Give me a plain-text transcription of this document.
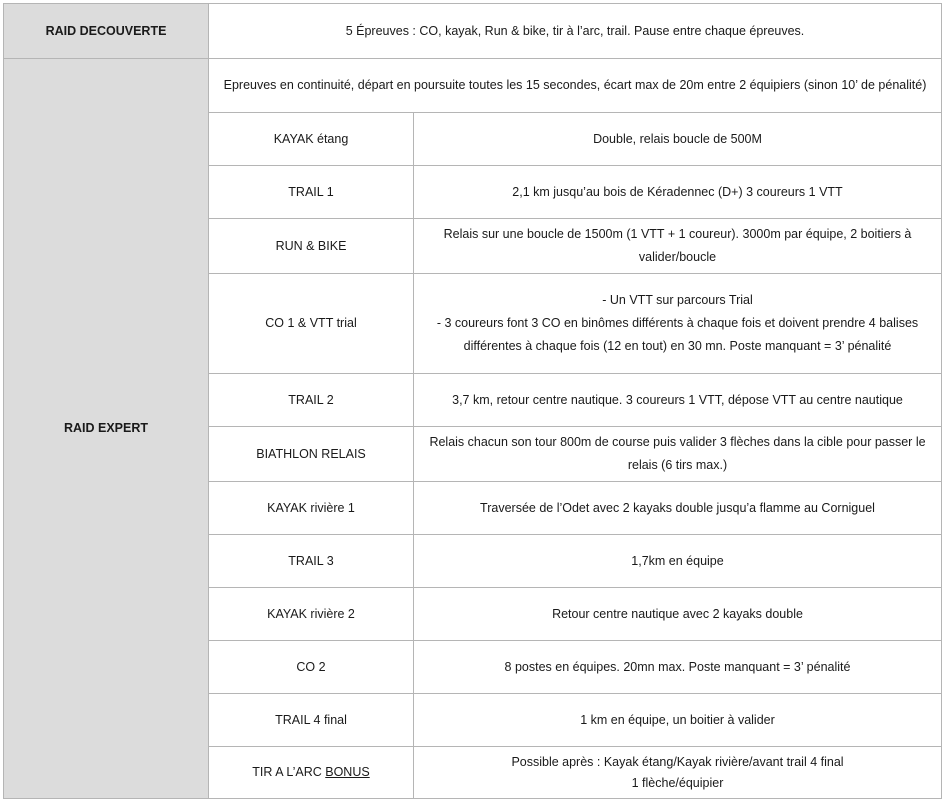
RAID DECOUVERTE	5 Épreuves : CO, kayak, Run & bike, tir à l’arc, trail. Pause entre chaque épreuves.	
RAID EXPERT	Epreuves en continuité, départ en poursuite toutes les 15 secondes, écart max de 20m entre 2 équipiers (sinon 10’ de pénalité)	
	KAYAK étang	Double, relais boucle de 500M
	TRAIL 1	2,1 km jusqu’au bois de Kéradennec (D+) 3 coureurs 1 VTT
	RUN & BIKE	Relais sur une boucle de 1500m (1 VTT + 1 coureur). 3000m par équipe, 2 boitiers à valider/boucle
	CO 1 & VTT trial	- Un VTT sur parcours Trial
- 3 coureurs font 3 CO en binômes différents à chaque fois et doivent prendre 4 balises différentes à chaque fois (12 en tout) en 30 mn. Poste manquant = 3’ pénalité

	TRAIL 2	3,7 km, retour centre nautique. 3 coureurs 1 VTT, dépose VTT au centre nautique
	BIATHLON RELAIS	Relais chacun son tour 800m de course puis valider 3 flèches dans la cible pour passer le relais (6 tirs max.)
	KAYAK rivière 1	Traversée de l’Odet avec 2 kayaks double jusqu’a flamme au Corniguel
	TRAIL 3	1,7km en équipe
	KAYAK rivière 2	Retour centre nautique avec 2 kayaks double
	CO 2	8 postes en équipes. 20mn max. Poste manquant = 3’ pénalité
	TRAIL 4 final	1 km en équipe, un boitier à valider
	TIR A L’ARC BONUS	Possible après : Kayak étang/Kayak rivière/avant trail 4 final
1 flèche/équipier
